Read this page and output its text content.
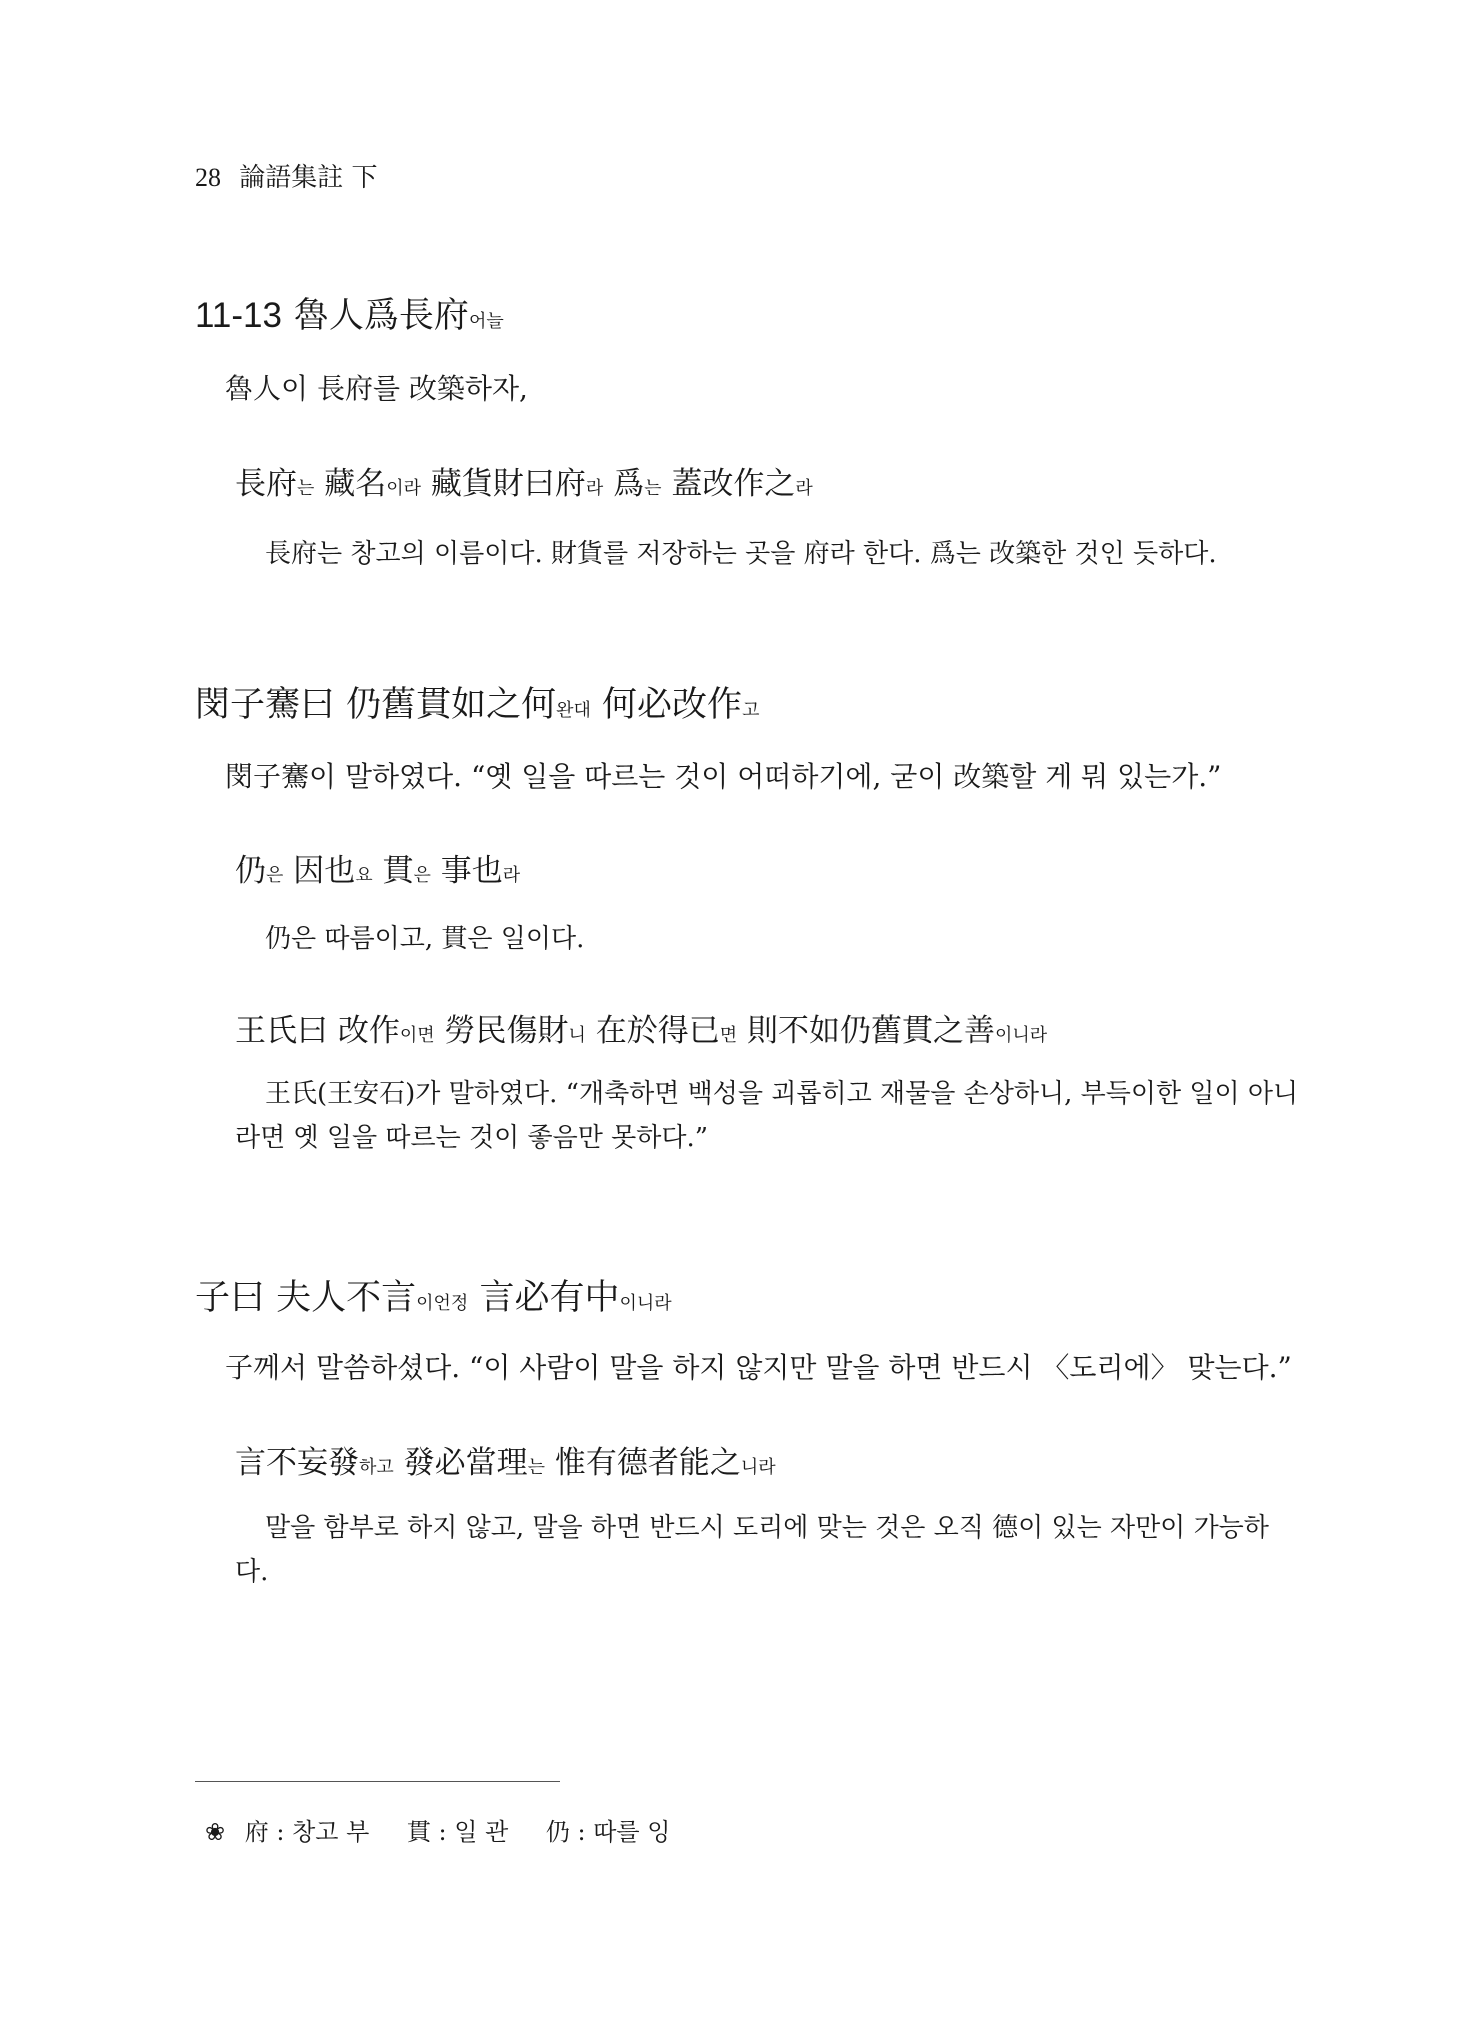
28 論語集註 下
11-13 魯人爲長府어늘
魯人이 長府를 改築하자,
長府는 藏名이라 藏貨財曰府라 爲는 蓋改作之라
長府는 창고의 이름이다. 財貨를 저장하는 곳을 府라 한다. 爲는 改築한 것인 듯하다.
閔子騫曰 仍舊貫如之何완대 何必改作고
閔子騫이 말하였다. “옛 일을 따르는 것이 어떠하기에, 굳이 改築할 게 뭐 있는가.”
仍은 因也요 貫은 事也라
仍은 따름이고, 貫은 일이다.
王氏曰 改作이면 勞民傷財니 在於得已면 則不如仍舊貫之善이니라
王氏(王安石)가 말하였다. “개축하면 백성을 괴롭히고 재물을 손상하니, 부득이한 일이 아니라면 옛 일을 따르는 것이 좋음만 못하다.”
子曰 夫人不言이언정 言必有中이니라
子께서 말씀하셨다. “이 사람이 말을 하지 않지만 말을 하면 반드시 〈도리에〉 맞는다.”
言不妄發하고 發必當理는 惟有德者能之니라
말을 함부로 하지 않고, 말을 하면 반드시 도리에 맞는 것은 오직 德이 있는 자만이 가능하다.
❀ 府 : 창고 부 貫 : 일 관 仍 : 따를 잉
